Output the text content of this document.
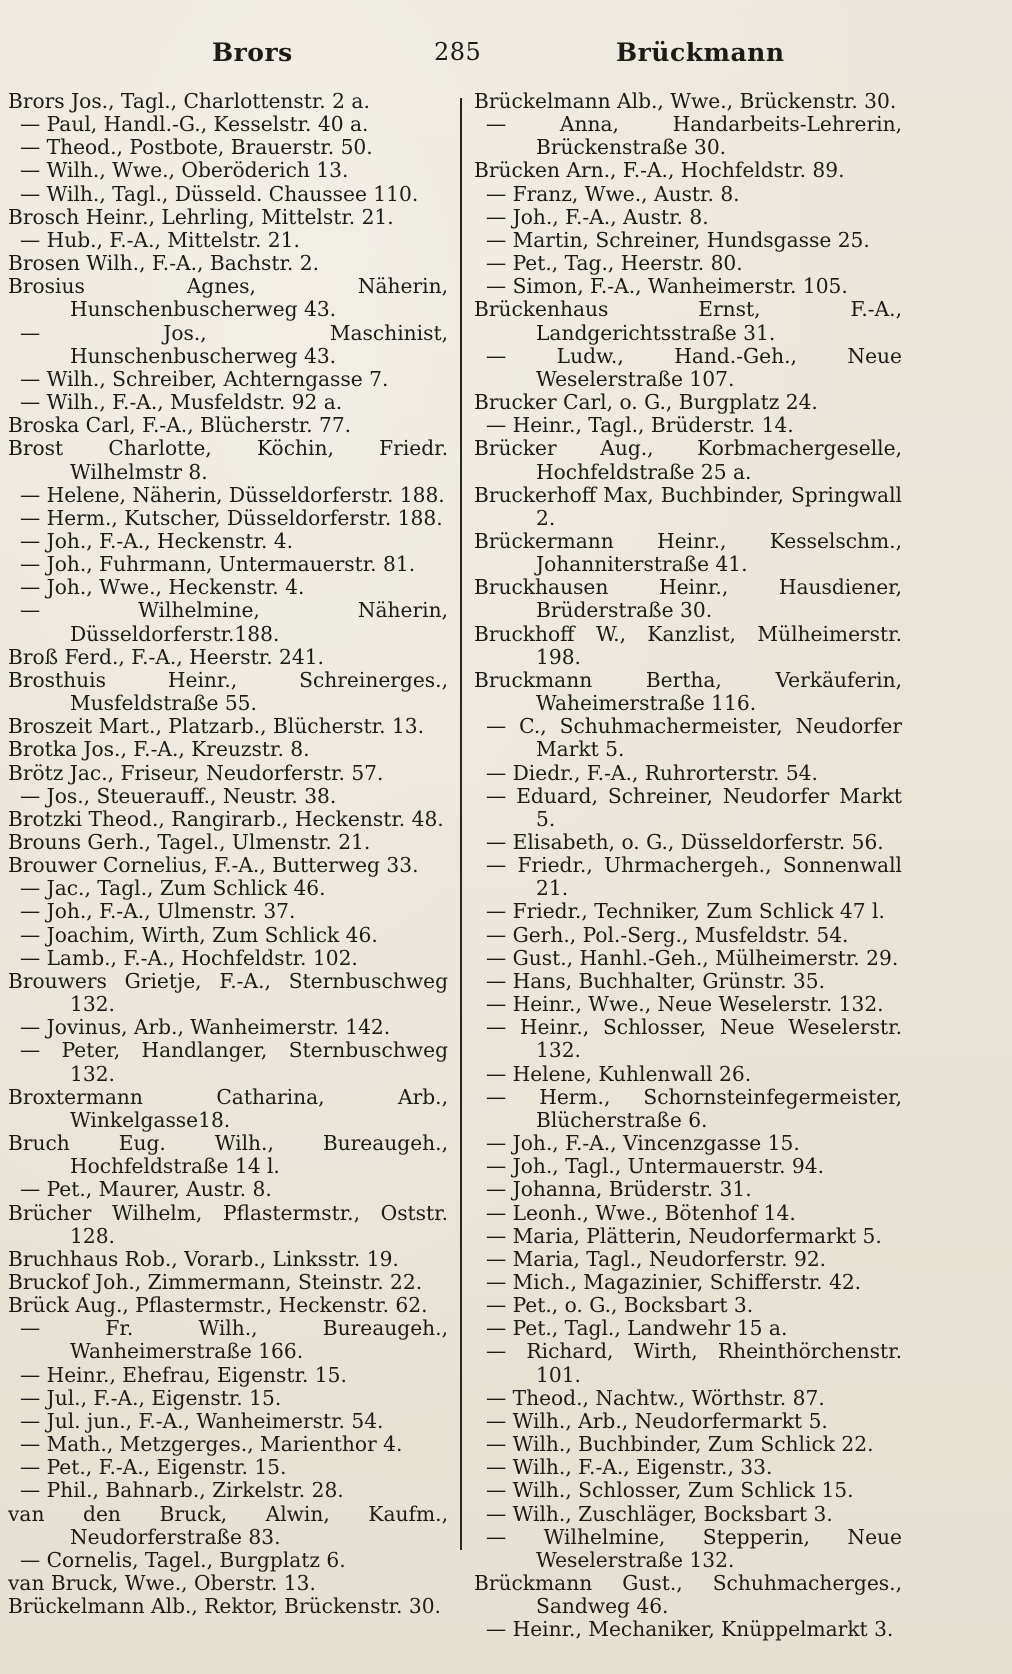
Brors	285	Brückmann
Brors Jos., Tagl., Charlottenstr. 2 a.
— Paul, Handl.-G., Kesselstr. 40 a.
— Theod., Postbote, Brauerstr. 50.
— Wilh., Wwe., Oberöderich 13.
— Wilh., Tagl., Düsseld. Chaussee 110.
Brosch Heinr., Lehrling, Mittelstr. 21.
— Hub., F.-A., Mittelstr. 21.
Brosen Wilh., F.-A., Bachstr. 2.
Brosius Agnes, Näherin, Hunschenbuscherweg 43.
— Jos., Maschinist, Hunschenbuscherweg 43.
— Wilh., Schreiber, Achterngasse 7.
— Wilh., F.-A., Musfeldstr. 92 a.
Broska Carl, F.-A., Blücherstr. 77.
Brost Charlotte, Köchin, Friedr. Wilhelmstr 8.
— Helene, Näherin, Düsseldorferstr. 188.
— Herm., Kutscher, Düsseldorferstr. 188.
— Joh., F.-A., Heckenstr. 4.
— Joh., Fuhrmann, Untermauerstr. 81.
— Joh., Wwe., Heckenstr. 4.
— Wilhelmine, Näherin, Düsseldorferstr.188.
Broß Ferd., F.-A., Heerstr. 241.
Brosthuis Heinr., Schreinerges., Musfeldstraße 55.
Broszeit Mart., Platzarb., Blücherstr. 13.
Brotka Jos., F.-A., Kreuzstr. 8.
Brötz Jac., Friseur, Neudorferstr. 57.
— Jos., Steuerauff., Neustr. 38.
Brotzki Theod., Rangirarb., Heckenstr. 48.
Brouns Gerh., Tagel., Ulmenstr. 21.
Brouwer Cornelius, F.-A., Butterweg 33.
— Jac., Tagl., Zum Schlick 46.
— Joh., F.-A., Ulmenstr. 37.
— Joachim, Wirth, Zum Schlick 46.
— Lamb., F.-A., Hochfeldstr. 102.
Brouwers Grietje, F.-A., Sternbuschweg 132.
— Jovinus, Arb., Wanheimerstr. 142.
— Peter, Handlanger, Sternbuschweg 132.
Broxtermann Catharina, Arb., Winkelgasse18.
Bruch Eug. Wilh., Bureaugeh., Hochfeldstraße 14 l.
— Pet., Maurer, Austr. 8.
Brücher Wilhelm, Pflastermstr., Oststr. 128.
Bruchhaus Rob., Vorarb., Linksstr. 19.
Bruckof Joh., Zimmermann, Steinstr. 22.
Brück Aug., Pflastermstr., Heckenstr. 62.
— Fr. Wilh., Bureaugeh., Wanheimerstraße 166.
— Heinr., Ehefrau, Eigenstr. 15.
— Jul., F.-A., Eigenstr. 15.
— Jul. jun., F.-A., Wanheimerstr. 54.
— Math., Metzgerges., Marienthor 4.
— Pet., F.-A., Eigenstr. 15.
— Phil., Bahnarb., Zirkelstr. 28.
van den Bruck, Alwin, Kaufm., Neudorferstraße 83.
— Cornelis, Tagel., Burgplatz 6.
van Bruck, Wwe., Oberstr. 13.
Brückelmann Alb., Rektor, Brückenstr. 30.
Brückelmann Alb., Wwe., Brückenstr. 30.
— Anna, Handarbeits-Lehrerin, Brückenstraße 30.
Brücken Arn., F.-A., Hochfeldstr. 89.
— Franz, Wwe., Austr. 8.
— Joh., F.-A., Austr. 8.
— Martin, Schreiner, Hundsgasse 25.
— Pet., Tag., Heerstr. 80.
— Simon, F.-A., Wanheimerstr. 105.
Brückenhaus Ernst, F.-A., Landgerichtsstraße 31.
— Ludw., Hand.-Geh., Neue Weselerstraße 107.
Brucker Carl, o. G., Burgplatz 24.
— Heinr., Tagl., Brüderstr. 14.
Brücker Aug., Korbmachergeselle, Hochfeldstraße 25 a.
Bruckerhoff Max, Buchbinder, Springwall 2.
Brückermann Heinr., Kesselschm., Johanniterstraße 41.
Bruckhausen Heinr., Hausdiener, Brüderstraße 30.
Bruckhoff W., Kanzlist, Mülheimerstr. 198.
Bruckmann Bertha, Verkäuferin, Waheimerstraße 116.
— C., Schuhmachermeister, Neudorfer Markt 5.
— Diedr., F.-A., Ruhrorterstr. 54.
— Eduard, Schreiner, Neudorfer Markt 5.
— Elisabeth, o. G., Düsseldorferstr. 56.
— Friedr., Uhrmachergeh., Sonnenwall 21.
— Friedr., Techniker, Zum Schlick 47 l.
— Gerh., Pol.-Serg., Musfeldstr. 54.
— Gust., Hanhl.-Geh., Mülheimerstr. 29.
— Hans, Buchhalter, Grünstr. 35.
— Heinr., Wwe., Neue Weselerstr. 132.
— Heinr., Schlosser, Neue Weselerstr. 132.
— Helene, Kuhlenwall 26.
— Herm., Schornsteinfegermeister, Blücherstraße 6.
— Joh., F.-A., Vincenzgasse 15.
— Joh., Tagl., Untermauerstr. 94.
— Johanna, Brüderstr. 31.
— Leonh., Wwe., Bötenhof 14.
— Maria, Plätterin, Neudorfermarkt 5.
— Maria, Tagl., Neudorferstr. 92.
— Mich., Magazinier, Schifferstr. 42.
— Pet., o. G., Bocksbart 3.
— Pet., Tagl., Landwehr 15 a.
— Richard, Wirth, Rheinthörchenstr. 101.
— Theod., Nachtw., Wörthstr. 87.
— Wilh., Arb., Neudorfermarkt 5.
— Wilh., Buchbinder, Zum Schlick 22.
— Wilh., F.-A., Eigenstr., 33.
— Wilh., Schlosser, Zum Schlick 15.
— Wilh., Zuschläger, Bocksbart 3.
— Wilhelmine, Stepperin, Neue Weselerstraße 132.
Brückmann Gust., Schuhmacherges., Sandweg 46.
— Heinr., Mechaniker, Knüppelmarkt 3.
